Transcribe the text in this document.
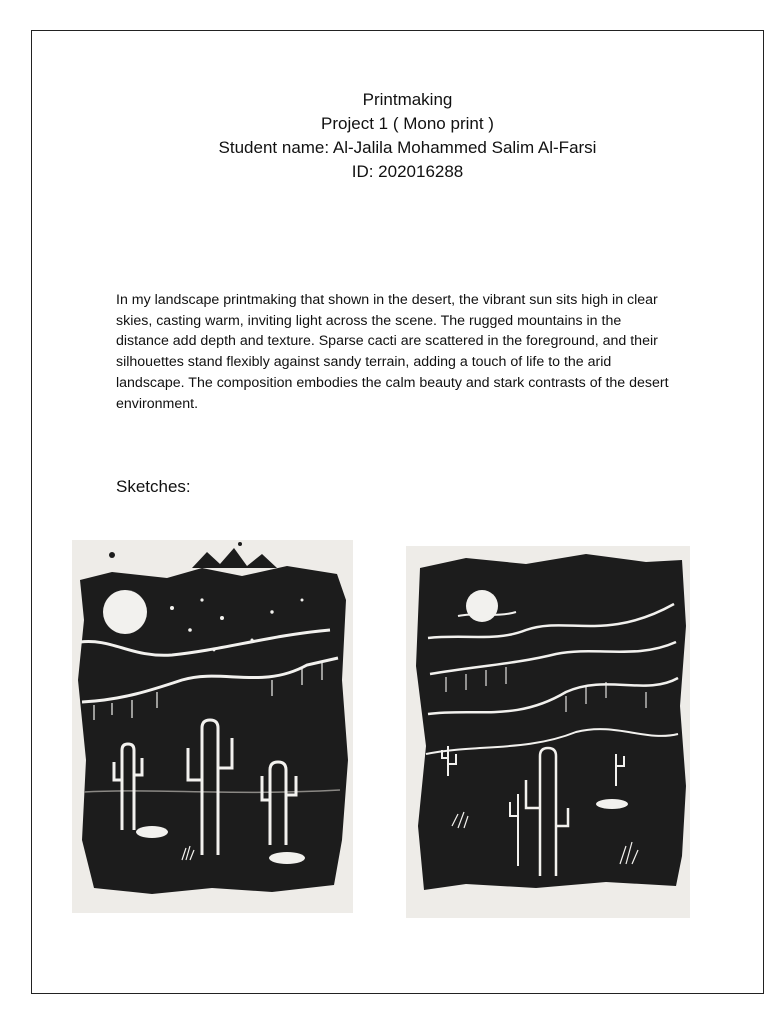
Printmaking
Project 1 ( Mono print )
Student name: Al-Jalila Mohammed Salim Al-Farsi
ID: 202016288
In my landscape printmaking that shown in the desert, the vibrant sun sits high in clear skies, casting warm, inviting light across the scene. The rugged mountains in the distance add depth and texture. Sparse cacti are scattered in the foreground, and their silhouettes stand flexibly against sandy terrain, adding a touch of life to the arid landscape. The composition embodies the calm beauty and stark contrasts of the desert environment.
Sketches:
